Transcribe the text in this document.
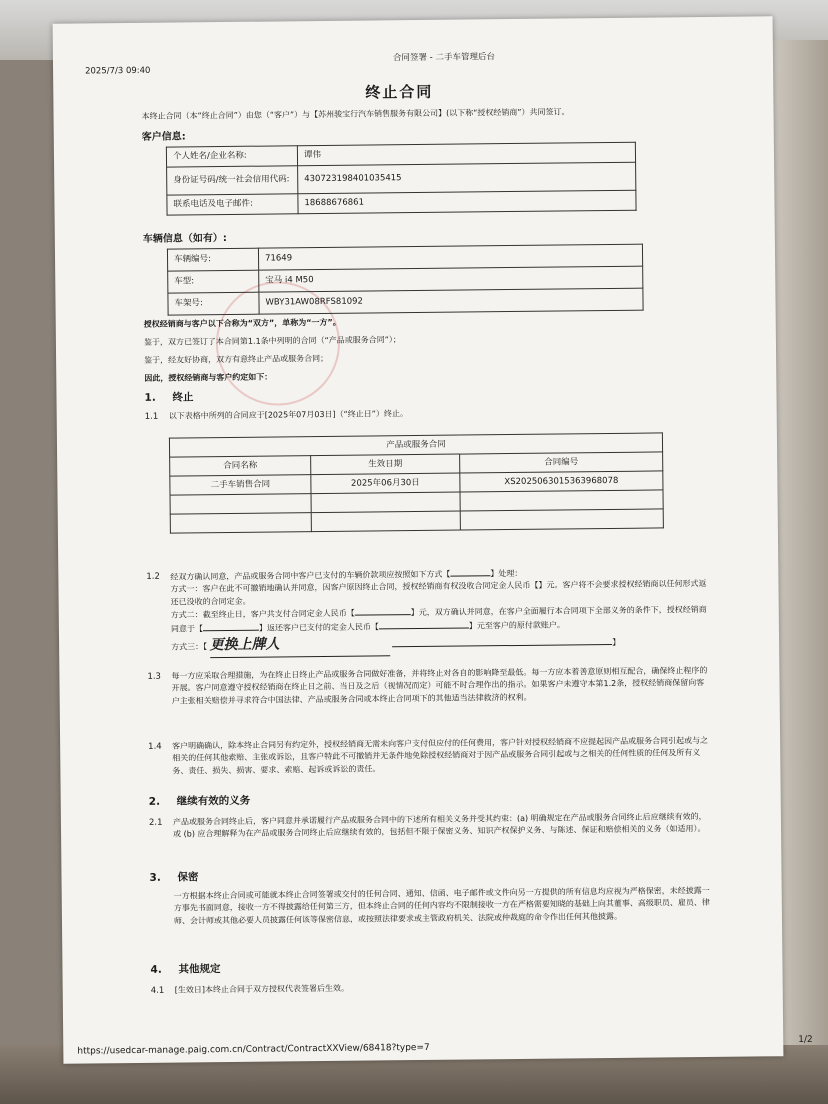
2025/7/3 09:40
合同签署 - 二手车管理后台
终止合同
本终止合同（本“终止合同”）由您（“客户”）与【苏州骏宝行汽车销售服务有限公司】(以下称“授权经销商”）共同签订。
客户信息:
个人姓名/企业名称:	谭伟
身份证号码/统一社会信用代码:	430723198401035415
联系电话及电子邮件:	18688676861
车辆信息（如有）:
车辆编号:	71649
车型:	宝马 i4 M50
车架号:	WBY31AW08RFS81092
授权经销商与客户以下合称为“双方”，单称为“一方”。
鉴于，双方已签订了本合同第1.1条中列明的合同（“产品或服务合同”）；
鉴于，经友好协商，双方有意终止产品或服务合同；
因此，授权经销商与客户约定如下：
1. 终止
1.1 以下表格中所列的合同应于[2025年07月03日]（“终止日”）终止。
产品或服务合同		
合同名称	生效日期	合同编号
二手车销售合同	2025年06月30日	XS20250630153639680​78

1.2 经双方确认同意，产品或服务合同中客户已支付的车辆价款项应按照如下方式【	】处理：
方式一：客户在此不可撤销地确认并同意，因客户原因终止合同，授权经销商有权没收合同定金人民币【】元。客户将不会要求授权经销商以任何形式返还已没收的合同定金。
方式二：截至终止日，客户共支付合同定金人民币【	】元，双方确认并同意，在客户全面履行本合同项下全部义务的条件下，授权经销商同意于【	】返还客户已支付的定金人民币【	】元至客户的原付款账户。
方式三：【 更换上牌人	】
1.3 每一方应采取合理措施，为在终止日终止产品或服务合同做好准备，并将终止对各自的影响降至最低。每一方应本着善意原则相互配合，确保终止程序的开展。客户同意遵守授权经销商在终止日之前、当日及之后（视情况而定）可能不时合理作出的指示。如果客户未遵守本第1.2条，授权经销商保留向客户主张相关赔偿并寻求符合中国法律、产品或服务合同或本终止合同项下的其他适当法律救济的权利。
1.4 客户明确确认，除本终止合同另有约定外，授权经销商无需未向客户支付但应付的任何费用，客户针对授权经销商不应提起因产品或服务合同引起或与之相关的任何其他索赔、主张或诉讼，且客户特此不可撤销并无条件地免除授权经销商对于因产品或服务合同引起或与之相关的任何性质的任何及所有义务、责任、损失、损害、要求、索赔、起诉或诉讼的责任。
2. 继续有效的义务
2.1 产品或服务合同终止后，客户同意并承诺履行产品或服务合同中的下述所有相关义务并受其约束：(a) 明确规定在产品或服务合同终止后应继续有效的，或 (b) 应合理解释为在产品或服务合同终止后应继续有效的，包括但不限于保密义务、知识产权保护义务、与陈述、保证和赔偿相关的义务（如适用）。
3. 保密
一方根据本终止合同或可能就本终止合同签署或交付的任何合同、通知、信函、电子邮件或文件向另一方提供的所有信息均应视为严格保密，未经披露一方事先书面同意，接收一方不得披露给任何第三方，但本终止合同的任何内容均不限制接收一方在严格需要知晓的基础上向其董事、高级职员、雇员、律师、会计师或其他必要人员披露任何该等保密信息，或按照法律要求或主管政府机关、法院或仲裁庭的命令作出任何其他披露。
4. 其他规定
4.1 [生效日]本终止合同于双方授权代表签署后生效。
https://usedcar-manage.paig.com.cn/Contract/ContractXXView/68418?type=7
1/2
